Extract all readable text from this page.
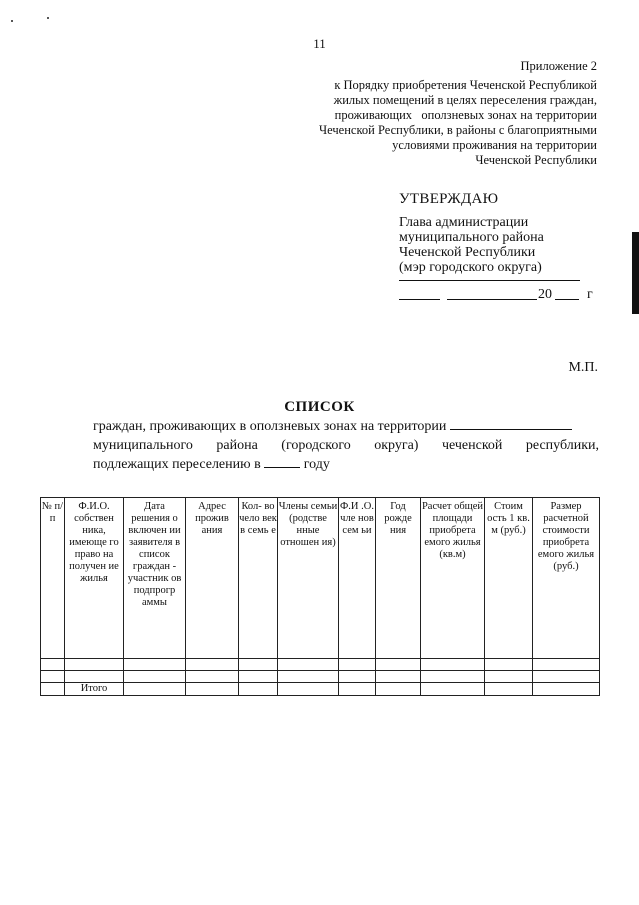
11
Приложение 2
к Порядку приобретения Чеченской Республикой
жилых помещений в целях переселения граждан,
проживающих   оползневых зонах на территории
Чеченской Республики, в районы с благоприятными
условиями проживания на территории
Чеченской Республики
УТВЕРЖДАЮ
Глава администрации
муниципального района
Чеченской Республики
(мэр городского округа)
20	г
М.П.
СПИСОК
граждан, проживающих в оползневых зонах на территории
муниципального района (городского округа) чеченской республики,
подлежащих переселению в	году
№ п/ п	Ф.И.О. собствен ника, имеюще го право на получен ие жилья	Дата решения о включен ии заявителя в список граждан - участник ов подпрогр аммы	Адрес прожив ания	Кол- во чело век в семь е	Члены семьи (родстве нные отношен ия)	Ф.И .О. чле нов сем ьи	Год рожде ния	Расчет общей площади приобрета емого жилья (кв.м)	Стоим ость 1 кв. м (руб.)	Размер расчетной стоимости приобрета емого жилья (руб.)

	Итого									
